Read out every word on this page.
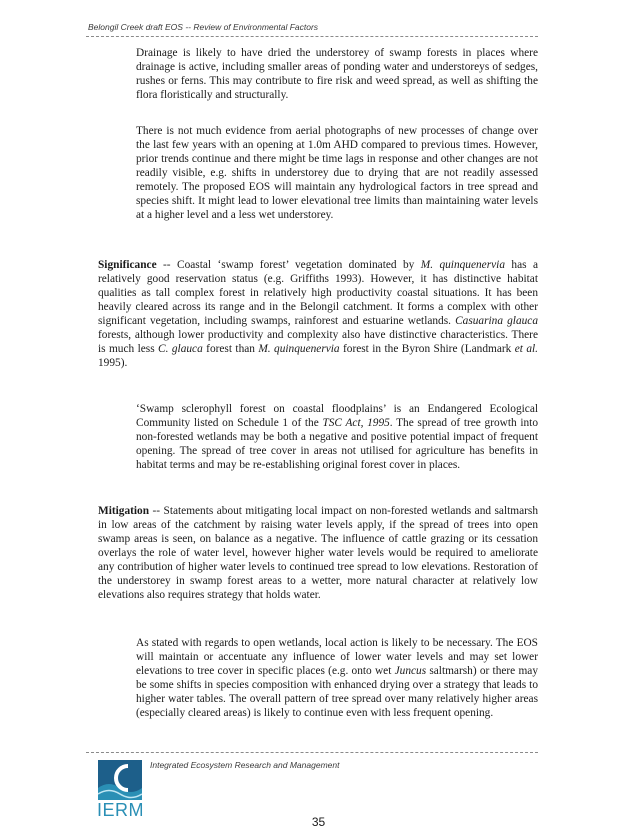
Belongil Creek draft EOS -- Review of Environmental Factors

Drainage is likely to have dried the understorey of swamp forests in places where drainage is active, including smaller areas of ponding water and understoreys of sedges, rushes or ferns. This may contribute to fire risk and weed spread, as well as shifting the flora floristically and structurally.

There is not much evidence from aerial photographs of new processes of change over the last few years with an opening at 1.0m AHD compared to previous times. However, prior trends continue and there might be time lags in response and other changes are not readily visible, e.g. shifts in understorey due to drying that are not readily assessed remotely. The proposed EOS will maintain any hydrological factors in tree spread and species shift. It might lead to lower elevational tree limits than maintaining water levels at a higher level and a less wet understorey.

Significance -- Coastal ‘swamp forest’ vegetation dominated by M. quinquenervia has a relatively good reservation status (e.g. Griffiths 1993). However, it has distinctive habitat qualities as tall complex forest in relatively high productivity coastal situations. It has been heavily cleared across its range and in the Belongil catchment. It forms a complex with other significant vegetation, including swamps, rainforest and estuarine wetlands. Casuarina glauca forests, although lower productivity and complexity also have distinctive characteristics. There is much less C. glauca forest than M. quinquenervia forest in the Byron Shire (Landmark et al. 1995).

‘Swamp sclerophyll forest on coastal floodplains’ is an Endangered Ecological Community listed on Schedule 1 of the TSC Act, 1995. The spread of tree growth into non-forested wetlands may be both a negative and positive potential impact of frequent opening. The spread of tree cover in areas not utilised for agriculture has benefits in habitat terms and may be re-establishing original forest cover in places.

Mitigation -- Statements about mitigating local impact on non-forested wetlands and saltmarsh in low areas of the catchment by raising water levels apply, if the spread of trees into open swamp areas is seen, on balance as a negative. The influence of cattle grazing or its cessation overlays the role of water level, however higher water levels would be required to ameliorate any contribution of higher water levels to continued tree spread to low elevations. Restoration of the understorey in swamp forest areas to a wetter, more natural character at relatively low elevations also requires strategy that holds water.

As stated with regards to open wetlands, local action is likely to be necessary. The EOS will maintain or accentuate any influence of lower water levels and may set lower elevations to tree cover in specific places (e.g. onto wet Juncus saltmarsh) or there may be some shifts in species composition with enhanced drying over a strategy that leads to higher water tables. The overall pattern of tree spread over many relatively higher areas (especially cleared areas) is likely to continue even with less frequent opening.

IERM
Integrated Ecosystem Research and Management
35
